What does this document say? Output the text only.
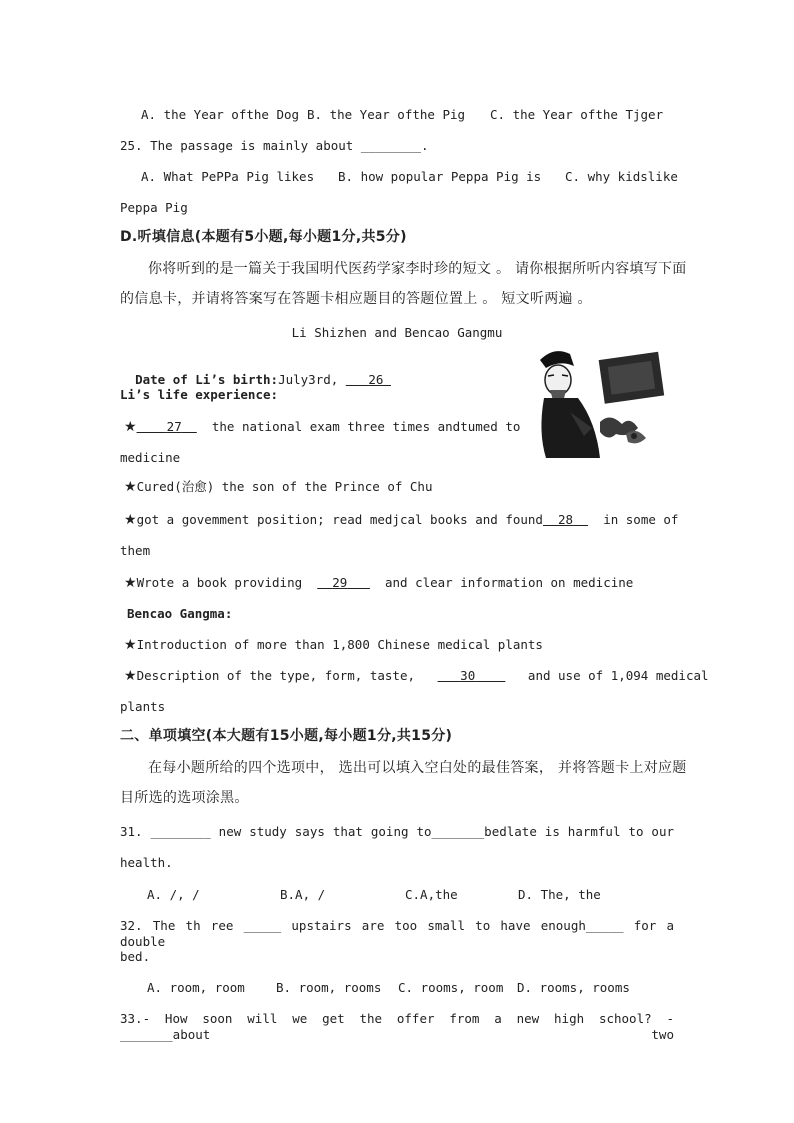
A. the Year ofthe Dog B. the Year ofthe Pig C. the Year ofthe Tjger
25. The passage is mainly about ________.
A. What PePPa Pig likes B. how popular Peppa Pig is C. why kidslike
Peppa Pig
D.听填信息(本题有5小题,每小题1分,共5分)
你将听到的是一篇关于我国明代医药学家李时珍的短文 。 请你根据所听内容填写下面
的信息卡，并请将答案写在答题卡相应题目的答题位置上 。 短文听两遍 。
Li Shizhen and Bencao Gangmu

Date of Li’s birth:July3rd, 26

Li’s life experience:
★ 27 the national exam three times andtumed to
medicine
★Cured(治愈) the son of the Prince of Chu
★got a govemment position; read medjcal books and found 28 in some of
them
★Wrote a book providing 29	and clear information on medicine
Bencao Gangma:
★Introduction of more than 1,800 Chinese medical plants
★Description of the type, form, taste,	30	and use of 1,094 medical
plants
二、单项填空(本大题有15小题,每小题1分,共15分)
在每小题所给的四个选项中， 选出可以填入空白处的最佳答案， 并将答题卡上对应题
目所选的选项涂黑。
31. ________ new study says that going to_______bedlate is harmful to our
health.
A. /, /	B.A, /	C.A,the	D. The, the
32. The th ree _____ upstairs are too small to have enough_____ for a double
bed.
A. room, room B. room, rooms C. rooms, room D. rooms, rooms
33.- How soon will we get the offer from a new high school? - _______about two
